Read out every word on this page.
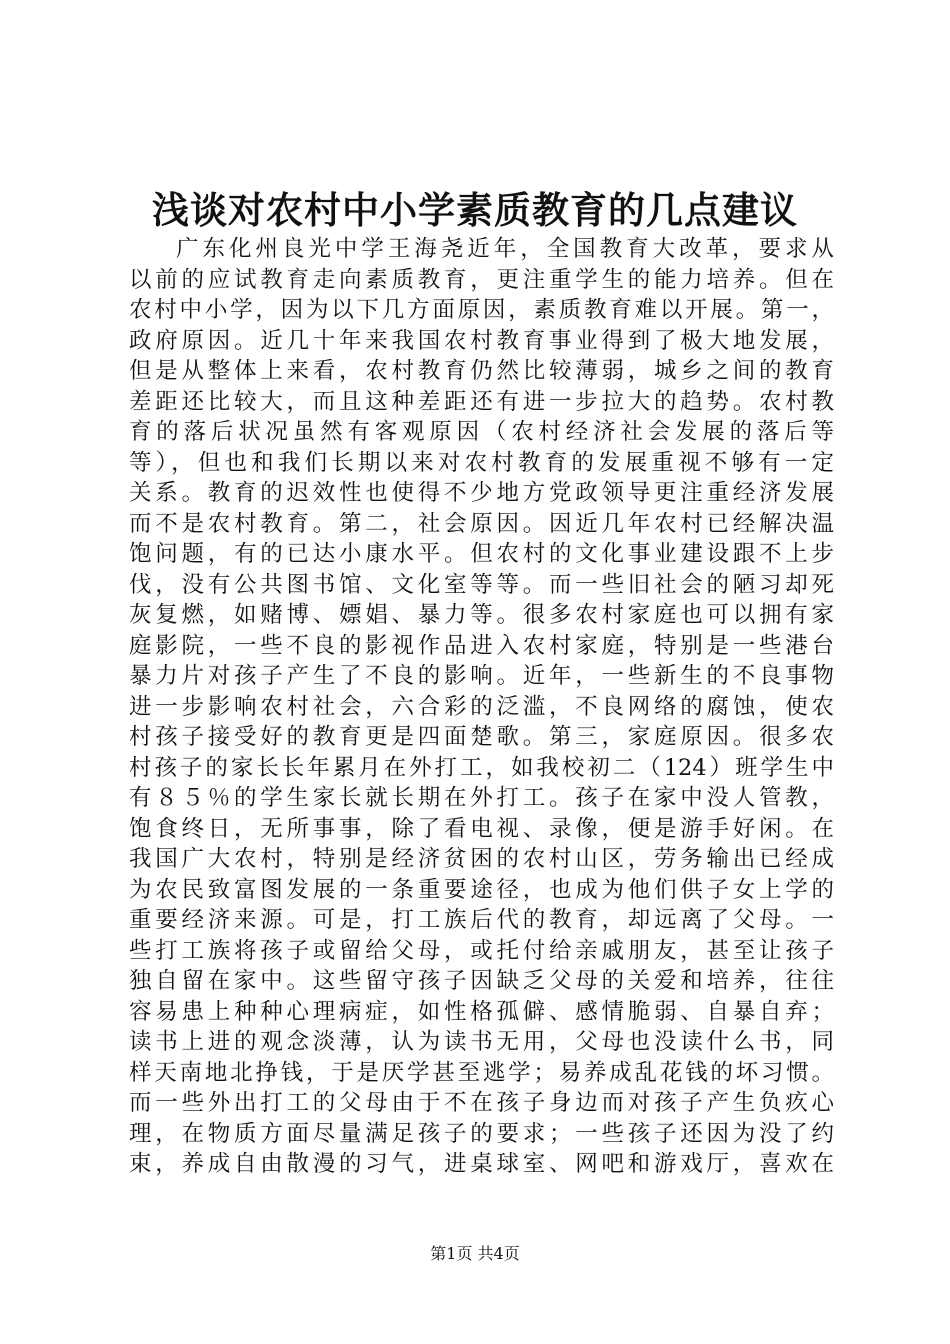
浅谈对农村中小学素质教育的几点建议
广东化州良光中学王海尧近年，全国教育大改革，要求从
以前的应试教育走向素质教育，更注重学生的能力培养。但在
农村中小学，因为以下几方面原因，素质教育难以开展。第一，
政府原因。近几十年来我国农村教育事业得到了极大地发展，
但是从整体上来看，农村教育仍然比较薄弱，城乡之间的教育
差距还比较大，而且这种差距还有进一步拉大的趋势。农村教
育的落后状况虽然有客观原因（农村经济社会发展的落后等
等），但也和我们长期以来对农村教育的发展重视不够有一定
关系。教育的迟效性也使得不少地方党政领导更注重经济发展
而不是农村教育。第二，社会原因。因近几年农村已经解决温
饱问题，有的已达小康水平。但农村的文化事业建设跟不上步
伐，没有公共图书馆、文化室等等。而一些旧社会的陋习却死
灰复燃，如赌博、嫖娼、暴力等。很多农村家庭也可以拥有家
庭影院，一些不良的影视作品进入农村家庭，特别是一些港台
暴力片对孩子产生了不良的影响。近年，一些新生的不良事物
进一步影响农村社会，六合彩的泛滥，不良网络的腐蚀，使农
村孩子接受好的教育更是四面楚歌。第三，家庭原因。很多农
村孩子的家长长年累月在外打工，如我校初二（124）班学生中
有８５％的学生家长就长期在外打工。孩子在家中没人管教，
饱食终日，无所事事，除了看电视、录像，便是游手好闲。在
我国广大农村，特别是经济贫困的农村山区，劳务输出已经成
为农民致富图发展的一条重要途径，也成为他们供子女上学的
重要经济来源。可是，打工族后代的教育，却远离了父母。一
些打工族将孩子或留给父母，或托付给亲戚朋友，甚至让孩子
独自留在家中。这些留守孩子因缺乏父母的关爱和培养，往往
容易患上种种心理病症，如性格孤僻、感情脆弱、自暴自弃；
读书上进的观念淡薄，认为读书无用，父母也没读什么书，同
样天南地北挣钱，于是厌学甚至逃学；易养成乱花钱的坏习惯。
而一些外出打工的父母由于不在孩子身边而对孩子产生负疚心
理，在物质方面尽量满足孩子的要求；一些孩子还因为没了约
束，养成自由散漫的习气，进桌球室、网吧和游戏厅，喜欢在
第1页 共4页
